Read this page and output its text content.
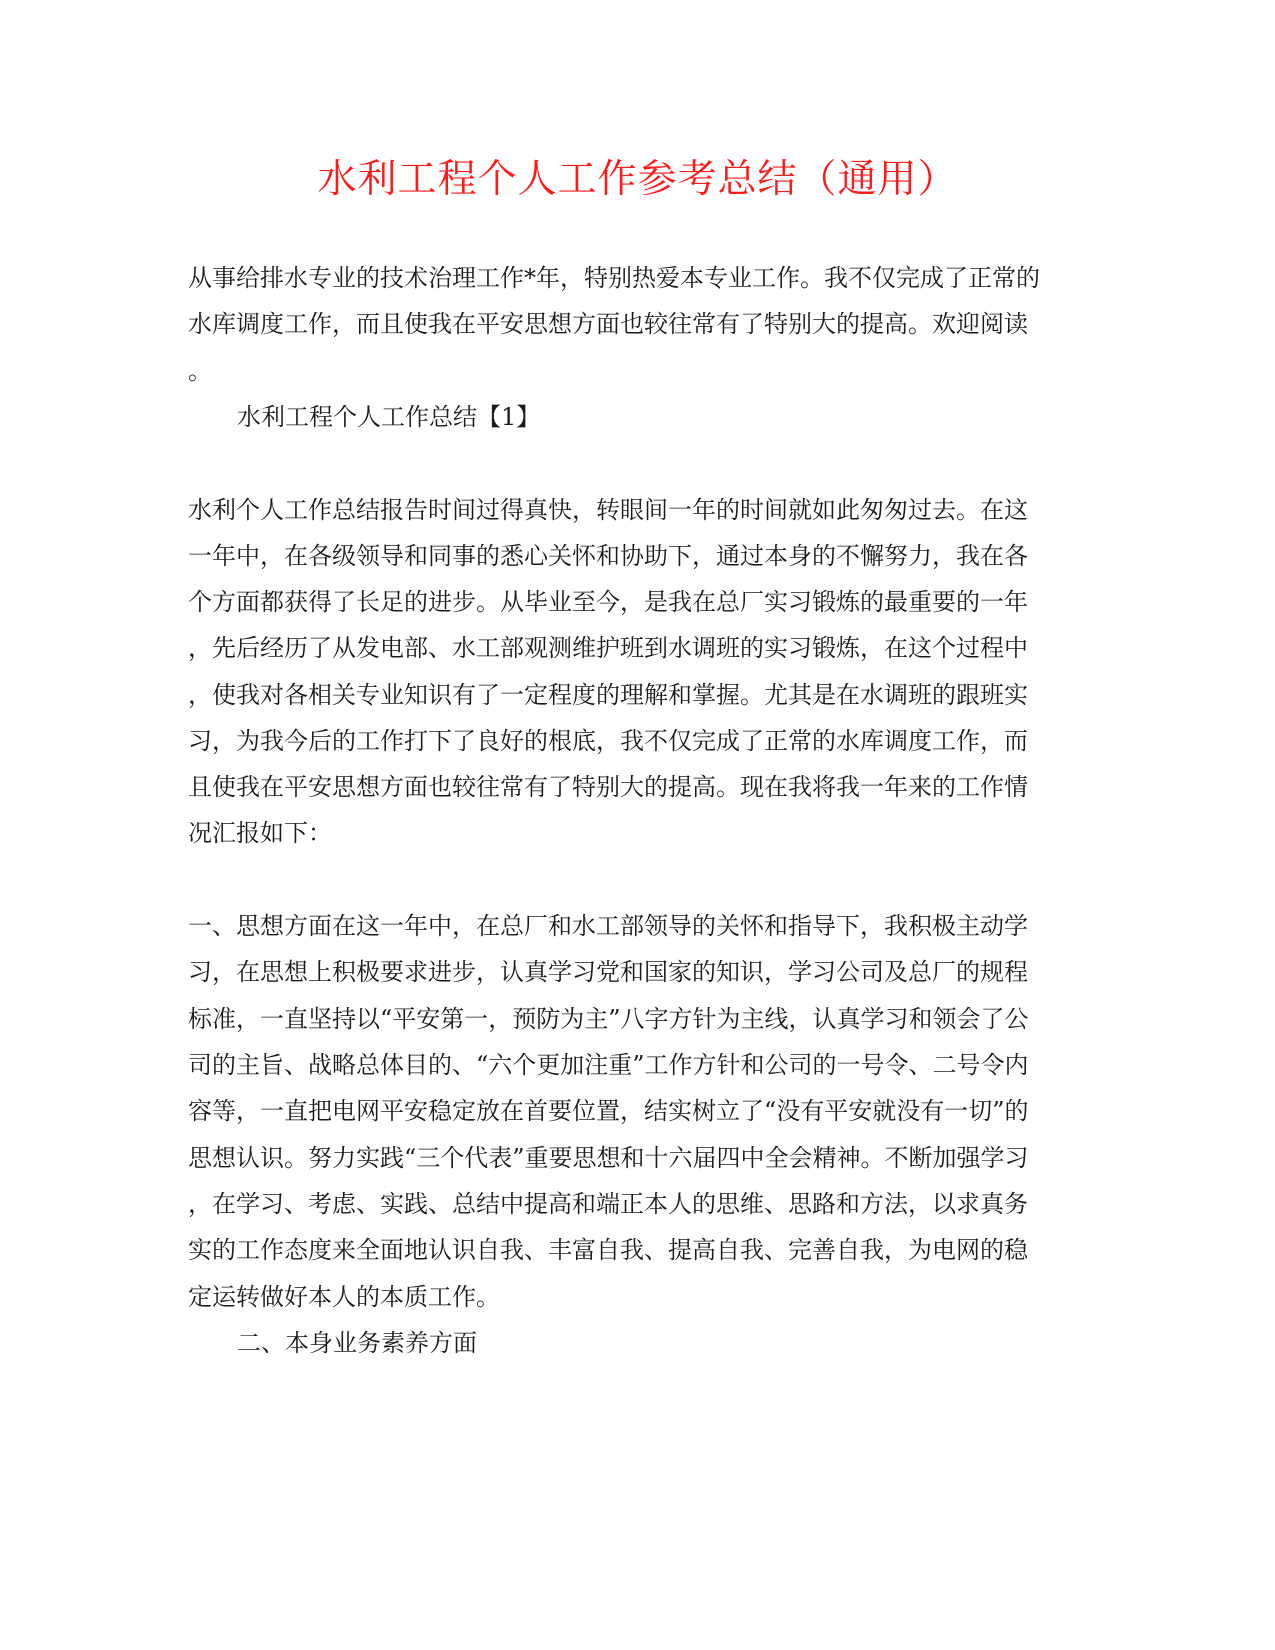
水利工程个人工作参考总结（通用）

从事给排水专业的技术治理工作*年，特别热爱本专业工作。我不仅完成了正常的

水库调度工作，而且使我在平安思想方面也较往常有了特别大的提高。欢迎阅读

。

水利工程个人工作总结【1】

水利个人工作总结报告时间过得真快，转眼间一年的时间就如此匆匆过去。在这

一年中，在各级领导和同事的悉心关怀和协助下，通过本身的不懈努力，我在各

个方面都获得了长足的进步。从毕业至今，是我在总厂实习锻炼的最重要的一年

，先后经历了从发电部、水工部观测维护班到水调班的实习锻炼，在这个过程中

，使我对各相关专业知识有了一定程度的理解和掌握。尤其是在水调班的跟班实

习，为我今后的工作打下了良好的根底，我不仅完成了正常的水库调度工作，而

且使我在平安思想方面也较往常有了特别大的提高。现在我将我一年来的工作情

况汇报如下：

一、思想方面在这一年中，在总厂和水工部领导的关怀和指导下，我积极主动学

习，在思想上积极要求进步，认真学习党和国家的知识，学习公司及总厂的规程

标准，一直坚持以“平安第一，预防为主”八字方针为主线，认真学习和领会了公

司的主旨、战略总体目的、“六个更加注重”工作方针和公司的一号令、二号令内

容等，一直把电网平安稳定放在首要位置，结实树立了“没有平安就没有一切”的

思想认识。努力实践“三个代表”重要思想和十六届四中全会精神。不断加强学习

，在学习、考虑、实践、总结中提高和端正本人的思维、思路和方法，以求真务

实的工作态度来全面地认识自我、丰富自我、提高自我、完善自我，为电网的稳

定运转做好本人的本质工作。

二、本身业务素养方面
